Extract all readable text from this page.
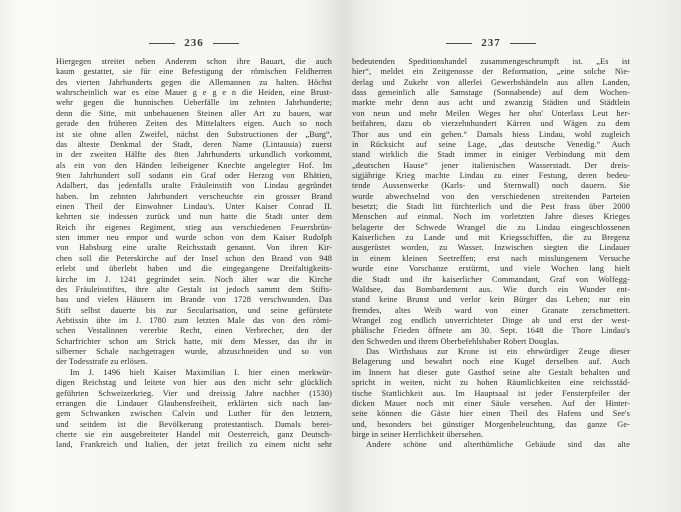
236
Hiergegen streitet neben Anderem schon ihre Bauart, die auch
kaum gestattet, sie für eine Befestigung der römischen Feldherren
des vierten Jahrhunderts gegen die Allemannen zu halten. Höchst
wahrscheinlich war es eine Mauer g e g e n die Heiden, eine Brust-
wehr gegen die hunnischen Ueberfälle im zehnten Jahrhunderte;
denn die Sitte, mit unbehauenen Steinen aller Art zu bauen, war
gerade den früheren Zeiten des Mittelalters eigen. Auch so noch
ist sie ohne allen Zweifel, nächst den Substructionen der „Burg“,
das älteste Denkmal der Stadt, deren Name (Lintauuia) zuerst
in der zweiten Hälfte des 8ten Jahrhunderts urkundlich vorkommt,
als ein von den Händen leibeigener Knechte angelegter Hof. Im
9ten Jahrhundert soll sodann ein Graf oder Herzog von Rhätien,
Adalbert, das jedenfalls uralte Fräuleinstift von Lindau gegründet
haben. Im zehnten Jahrhundert verscheuchte ein grosser Brand
einen Theil der Einwohner Lindau's. Unter Kaiser Conrad II.
kehrten sie indessen zurück und nun hatte die Stadt unter dem
Reich ihr eigenes Regiment, stieg aus verschiedenen Feuersbrün-
sten immer neu empor und wurde schon von dem Kaiser Rudolph
von Habsburg eine uralte Reichsstadt genannt. Von ihren Kir-
chen soll die Peterskirche auf der Insel schon den Brand von 948
erlebt und überlebt haben und die eingegangene Dreifaltigkeits-
kirche im J. 1241 gegründet sein. Noch älter war die Kirche
des Fräuleinstiftes, ihre alte Gestalt ist jedoch sammt dem Stifts-
bau und vielen Häusern im Brande von 1728 verschwunden. Das
Stift selbst dauerte bis zur Secularisation, und seine gefürstete
Aebtissin übte im J. 1780 zum letzten Male das von den römi-
schen Vestalinnen vererbte Recht, einen Verbrecher, den der
Scharfrichter schon am Strick hatte, mit dem Messer, das ihr in
silberner Schale nachgetragen wurde, abzuschneiden und so von
der Todesstrafe zu erlösen.
Im J. 1496 hielt Kaiser Maximilian I. hier einen merkwür-
digen Reichstag und leitete von hier aus den nicht sehr glücklich
geführten Schweizerkrieg. Vier und dreissig Jahre nachher (1530)
errangen die Lindauer Glaubensfreiheit, erklärten sich nach lan-
gem Schwanken zwischen Calvin und Luther für den letztern,
und seitdem ist die Bevölkerung protestantisch. Damals berei-
cherte sie ein ausgebreiteter Handel mit Oesterreich, ganz Deutsch-
land, Frankreich und Italien, der jetzt freilich zu einem nicht sehr
237
bedeutenden Speditionshandel zusammengeschrumpft ist. „Es ist
hier“, meldet ein Zeitgenosse der Reformation, „eine solche Nie-
derlag und Zukehr von allerlei Gewerbshändeln aus allen Landen,
dass gemeinlich alle Samstage (Sonnabende) auf dem Wochen-
markte mehr denn aus acht und zwanzig Städten und Städtlein
von neun und mehr Meilen Weges her ohn' Unterlass Leut her-
beifahren, dazu ob vierzehnhundert Kärren und Wägen zu dem
Thor aus und ein gehen.“ Damals hiess Lindau, wohl zugleich
in Rücksicht auf seine Lage, „das deutsche Venedig.“ Auch
stand wirklich die Stadt immer in einiger Verbindung mit dem
„deutschen Hause“ jener italienischen Wasserstadt. Der dreis-
sigjährige Krieg machte Lindau zu einer Festung, deren bedeu-
tende Aussenwerke (Karls- und Sternwall) noch dauern. Sie
wurde abwechselnd von den verschiedenen streitenden Parteien
besetzt; die Stadt litt fürchterlich und die Pest frass über 2000
Menschen auf einmal. Noch im vorletzten Jahre dieses Krieges
belagerte der Schwede Wrangel die zu Lindau eingeschlossenen
Kaiserlichen zu Lande und mit Kriegsschiffen, die zu Bregenz
ausgerüstet worden, zu Wasser. Inzwischen siegten die Lindauer
in einem kleinen Seetreffen; erst nach misslungenem Versuche
wurde eine Vorschanze erstürmt, und viele Wochen lang hielt
die Stadt und ihr kaiserlicher Commandant, Graf von Wolfegg-
Waldsee, das Bombardement aus. Wie durch ein Wunder ent-
stand keine Brunst und verlor kein Bürger das Leben; nur ein
fremdes, altes Weib ward von einer Granate zerschmettert.
Wrangel zog endlich unverrichteter Dinge ab und erst der west-
phälische Frieden öffnete am 30. Sept. 1648 die Thore Lindau's
den Schweden und ihrem Oberbefehlshaber Robert Douglas.
Das Wirthshaus zur Krone ist ein ehrwürdiger Zeuge dieser
Belagerung und bewahrt noch eine Kugel derselben auf. Auch
im Innern hat dieser gute Gasthof seine alte Gestalt behalten und
spricht in weiten, nicht zu hohen Räumlichkeiten eine reichsstäd-
tische Stattlichkeit aus. Im Hauptsaal ist jeder Fensterpfeiler der
dicken Mauer noch mit einer Säule versehen. Auf der Hinter-
seite können die Gäste hier einen Theil des Hafens und See's
und, besonders bei günstiger Morgenbeleuchtung, das ganze Ge-
birge in seiner Herrlichkeit übersehen.
Andere schöne und alterthümliche Gebäude sind das alte
